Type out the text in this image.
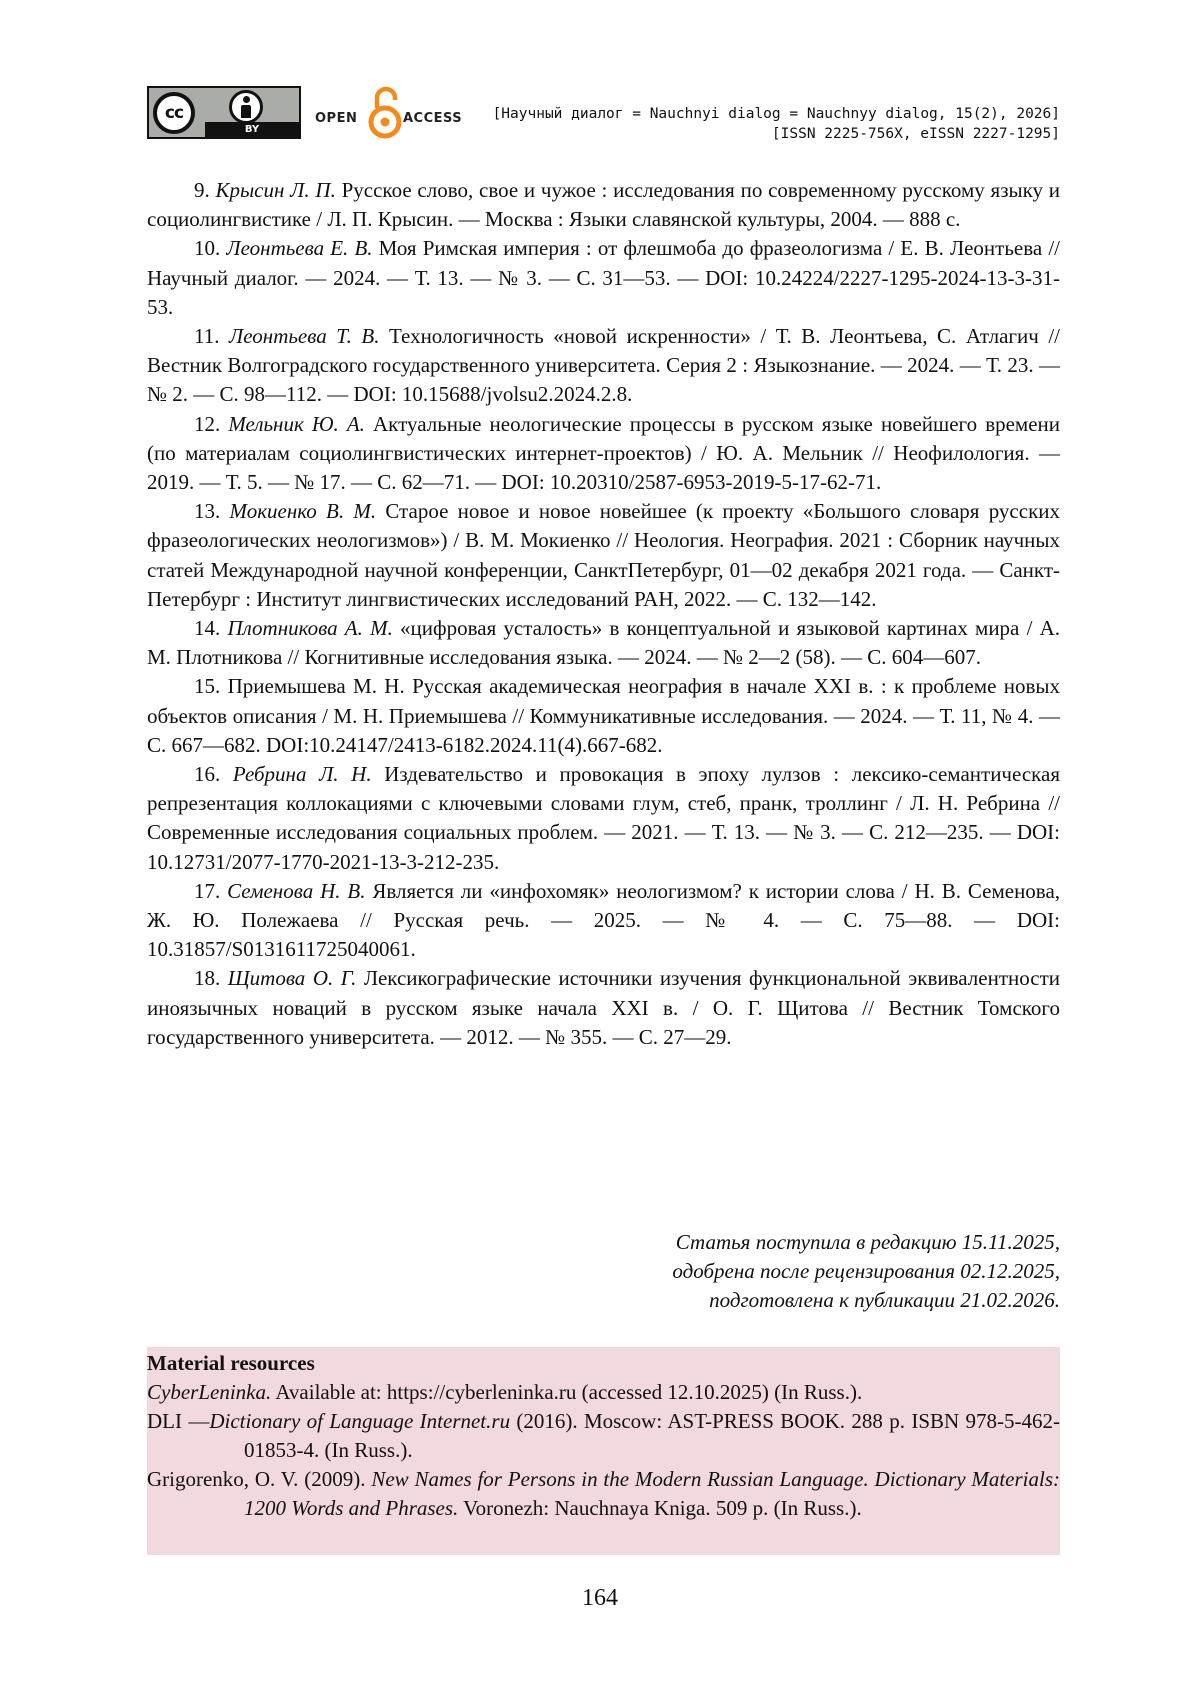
cc
BY
OPEN	ACCESS [Научный диалог = Nauchnyi dialog = Nauchnyy dialog, 15(2), 2026]
[ISSN 2225-756X, eISSN 2227-1295]

9. Крысин Л. П. Русское слово, свое и чужое : исследования по современному русскому языку и социолингвистике / Л. П. Крысин. — Москва : Языки славянской культуры, 2004. — 888 с.

10. Леонтьева Е. В. Моя Римская империя : от флешмоба до фразеологизма / Е. В. Леонтьева // Научный диалог. — 2024. — Т. 13. — № 3. — С. 31—53. — DOI: 10.24224/2227-1295-2024-13-3-31-53.

11. Леонтьева Т. В. Технологичность «новой искренности» / Т. В. Леонтьева, С. Атлагич // Вестник Волгоградского государственного университета. Серия 2 : Языкознание. — 2024. — Т. 23. — № 2. — С. 98—112. — DOI: 10.15688/jvolsu2.2024.2.8.

12. Мельник Ю. А. Актуальные неологические процессы в русском языке новейшего времени (по материалам социолингвистических интернет-проектов) / Ю. А. Мельник // Неофилология. — 2019. — Т. 5. — № 17. — С. 62—71. — DOI: 10.20310/2587-6953-2019-5-17-62-71.

13. Мокиенко В. М. Старое новое и новое новейшее (к проекту «Большого словаря русских фразеологических неологизмов») / В. М. Мокиенко // Неология. Неография. 2021 : Сборник научных статей Международной научной конференции, СанктПетербург, 01—02 декабря 2021 года. — Санкт-Петербург : Институт лингвистических исследований РАН, 2022. — С. 132—142.

14. Плотникова А. М. «цифровая усталость» в концептуальной и языковой картинах мира / А. М. Плотникова // Когнитивные исследования языка. — 2024. — № 2—2 (58). — С. 604—607.

15. Приемышева М. Н. Русская академическая неография в начале XXI в. : к проблеме новых объектов описания / М. Н. Приемышева // Коммуникативные исследования. — 2024. — Т. 11, № 4. — С. 667—682. DOI:10.24147/2413-6182.2024.11(4).667-682.

16. Ребрина Л. Н. Издевательство и провокация в эпоху лулзов : лексико-семантическая репрезентация коллокациями с ключевыми словами глум, стеб, пранк, троллинг / Л. Н. Ребрина // Современные исследования социальных проблем. — 2021. — Т. 13. — № 3. — С. 212—235. — DOI: 10.12731/2077-1770-2021-13-3-212-235.

17. Семенова Н. В. Является ли «инфохомяк» неологизмом? к истории слова / Н. В. Семенова, Ж. Ю. Полежаева // Русская речь. — 2025. — № 4. — С. 75—88. — DOI: 10.31857/S0131611725040061.

18. Щитова О. Г. Лексикографические источники изучения функциональной эквивалентности иноязычных новаций в русском языке начала XXI в. / О. Г. Щитова // Вестник Томского государственного университета. — 2012. — № 355. — С. 27—29.

Статья поступила в редакцию 15.11.2025,
одобрена после рецензирования 02.12.2025,
подготовлена к публикации 21.02.2026.

Material resources

CyberLeninka. Available at: https://cyberleninka.ru (accessed 12.10.2025) (In Russ.).

DLI —Dictionary of Language Internet.ru (2016). Moscow: AST-PRESS BOOK. 288 p. ISBN 978-5-462-01853-4. (In Russ.).

Grigorenko, O. V. (2009). New Names for Persons in the Modern Russian Language. Dictionary Materials: 1200 Words and Phrases. Voronezh: Nauchnaya Kniga. 509 p. (In Russ.).

164
